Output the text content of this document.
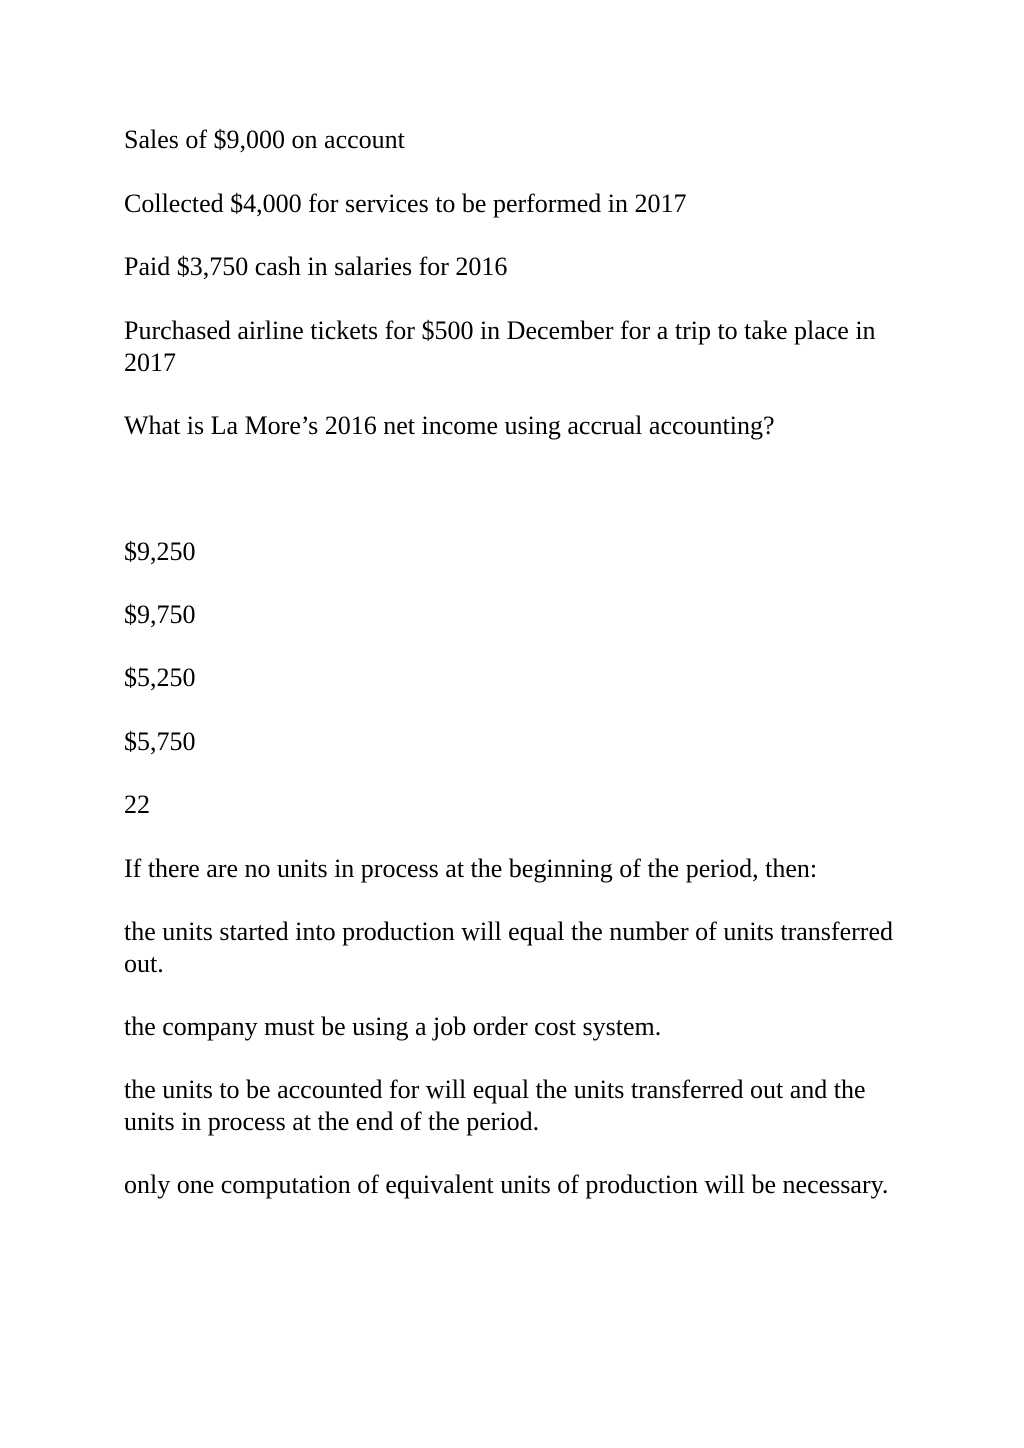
Sales of $9,000 on account

Collected $4,000 for services to be performed in 2017

Paid $3,750 cash in salaries for 2016

Purchased airline tickets for $500 in December for a trip to take place in 2017

What is La More’s 2016 net income using accrual accounting?

$9,250

$9,750

$5,250

$5,750

22

If there are no units in process at the beginning of the period, then:

the units started into production will equal the number of units transferred out.

the company must be using a job order cost system.

the units to be accounted for will equal the units transferred out and the units in process at the end of the period.

only one computation of equivalent units of production will be necessary.
